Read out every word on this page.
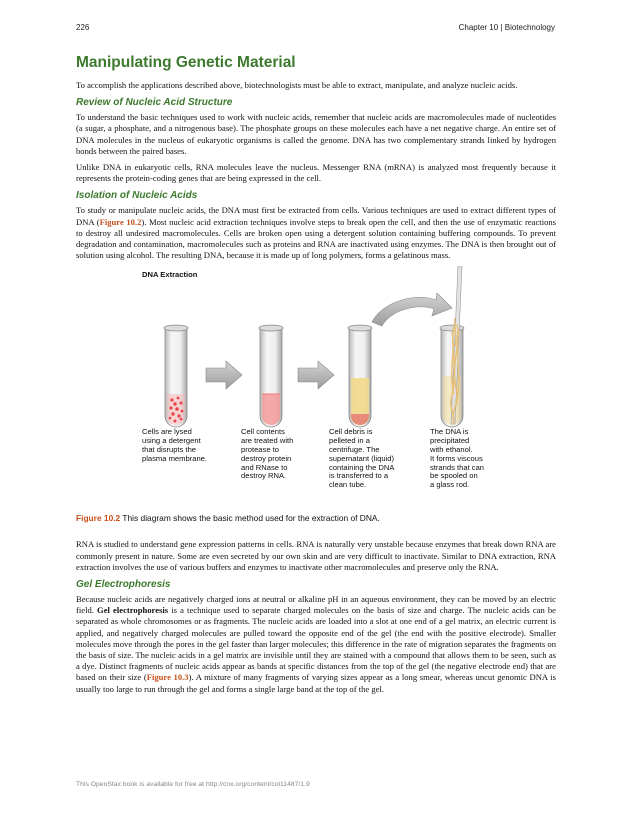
226	Chapter 10 | Biotechnology
Manipulating Genetic Material

To accomplish the applications described above, biotechnologists must be able to extract, manipulate, and analyze nucleic acids.

Review of Nucleic Acid Structure

To understand the basic techniques used to work with nucleic acids, remember that nucleic acids are macromolecules made of nucleotides (a sugar, a phosphate, and a nitrogenous base). The phosphate groups on these molecules each have a net negative charge. An entire set of DNA molecules in the nucleus of eukaryotic organisms is called the genome. DNA has two complementary strands linked by hydrogen bonds between the paired bases.

Unlike DNA in eukaryotic cells, RNA molecules leave the nucleus. Messenger RNA (mRNA) is analyzed most frequently because it represents the protein-coding genes that are being expressed in the cell.

Isolation of Nucleic Acids

To study or manipulate nucleic acids, the DNA must first be extracted from cells. Various techniques are used to extract different types of DNA (Figure 10.2). Most nucleic acid extraction techniques involve steps to break open the cell, and then the use of enzymatic reactions to destroy all undesired macromolecules. Cells are broken open using a detergent solution containing buffering compounds. To prevent degradation and contamination, macromolecules such as proteins and RNA are inactivated using enzymes. The DNA is then brought out of solution using alcohol. The resulting DNA, because it is made up of long polymers, forms a gelatinous mass.

DNA Extraction
Cells are lysed
using a detergent
that disrupts the
plasma membrane.
Cell contents
are treated with
protease to
destroy protein
and RNase to
destroy RNA.
Cell debris is
pelleted in a
centrifuge. The
supernatant (liquid)
containing the DNA
is transferred to a
clean tube.
The DNA is
precipitated
with ethanol.
It forms viscous
strands that can
be spooled on
a glass rod.
Figure 10.2 This diagram shows the basic method used for the extraction of DNA.

RNA is studied to understand gene expression patterns in cells. RNA is naturally very unstable because enzymes that break down RNA are commonly present in nature. Some are even secreted by our own skin and are very difficult to inactivate. Similar to DNA extraction, RNA extraction involves the use of various buffers and enzymes to inactivate other macromolecules and preserve only the RNA.

Gel Electrophoresis

Because nucleic acids are negatively charged ions at neutral or alkaline pH in an aqueous environment, they can be moved by an electric field. Gel electrophoresis is a technique used to separate charged molecules on the basis of size and charge. The nucleic acids can be separated as whole chromosomes or as fragments. The nucleic acids are loaded into a slot at one end of a gel matrix, an electric current is applied, and negatively charged molecules are pulled toward the opposite end of the gel (the end with the positive electrode). Smaller molecules move through the pores in the gel faster than larger molecules; this difference in the rate of migration separates the fragments on the basis of size. The nucleic acids in a gel matrix are invisible until they are stained with a compound that allows them to be seen, such as a dye. Distinct fragments of nucleic acids appear as bands at specific distances from the top of the gel (the negative electrode end) that are based on their size (Figure 10.3). A mixture of many fragments of varying sizes appear as a long smear, whereas uncut genomic DNA is usually too large to run through the gel and forms a single large band at the top of the gel.

This OpenStax book is available for free at http://cnx.org/content/col11487/1.9
